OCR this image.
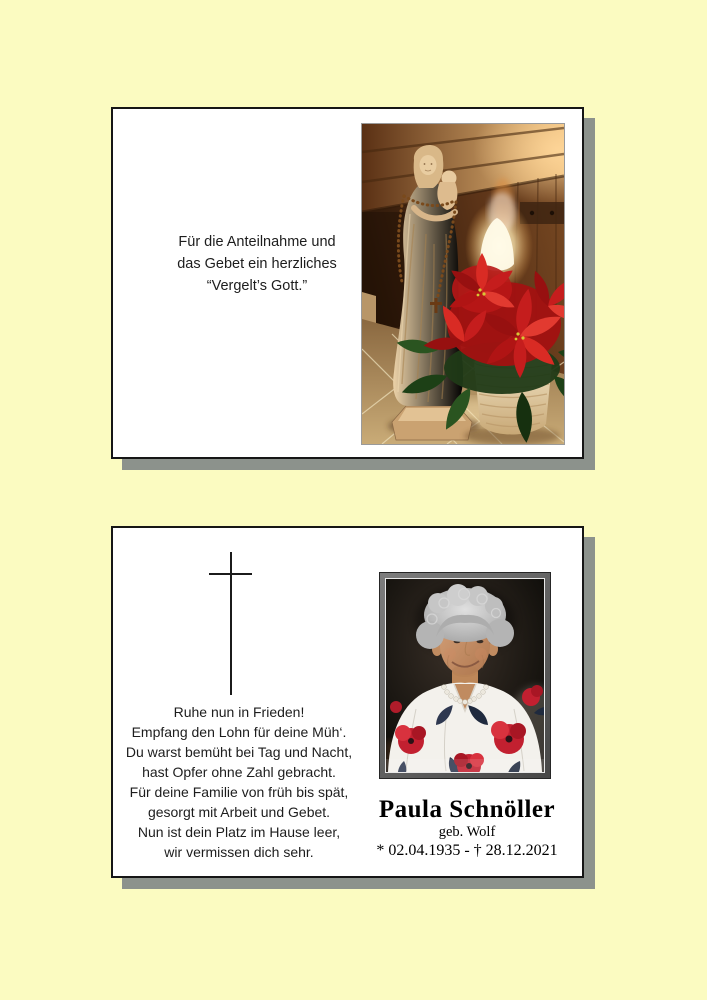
Für die Anteilnahme und
das Gebet ein herzliches
“Vergelt’s Gott.”
Ruhe nun in Frieden!
Empfang den Lohn für deine Müh‘.
Du warst bemüht bei Tag und Nacht,
hast Opfer ohne Zahl gebracht.
Für deine Familie von früh bis spät,
gesorgt mit Arbeit und Gebet.
Nun ist dein Platz im Hause leer,
wir vermissen dich sehr.
Paula Schnöller
geb. Wolf
* 02.04.1935 - † 28.12.2021
